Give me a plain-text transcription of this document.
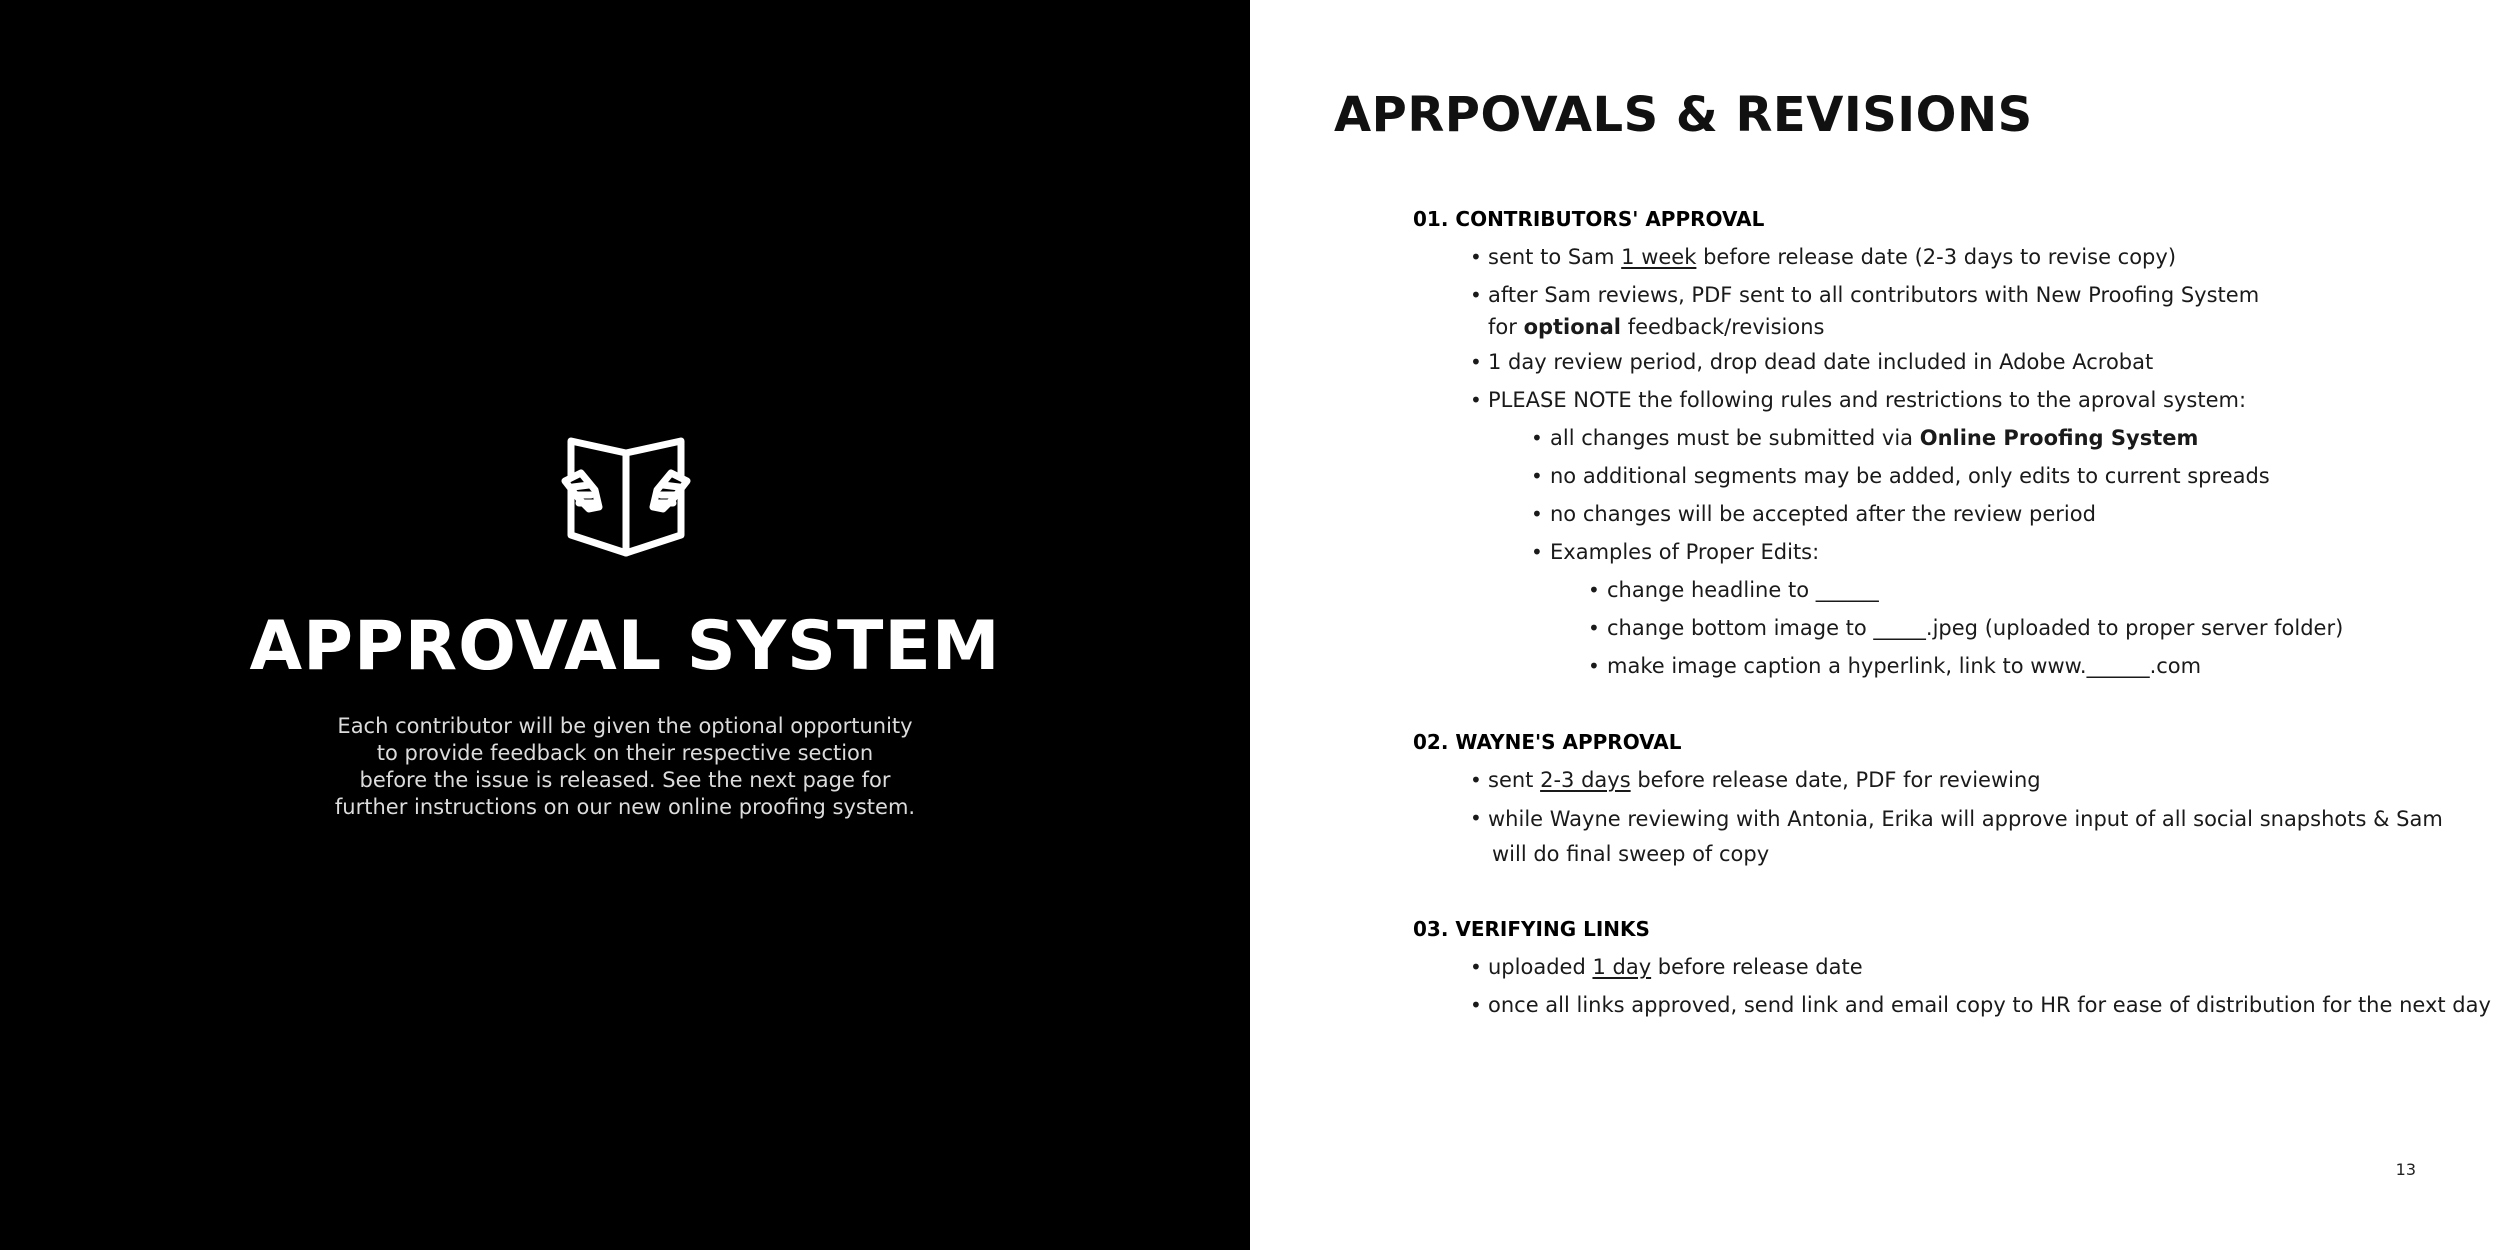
APPROVAL SYSTEM
Each contributor will be given the optional opportunity
to provide feedback on their respective section
before the issue is released. See the next page for
further instructions on our new online proofing system.
APRPOVALS & REVISIONS
01. CONTRIBUTORS' APPROVAL
• sent to Sam 1 week before release date (2-3 days to revise copy)
• after Sam reviews, PDF sent to all contributors with New Proofing System
for optional feedback/revisions
• 1 day review period, drop dead date included in Adobe Acrobat
• PLEASE NOTE the following rules and restrictions to the aproval system:
• all changes must be submitted via Online Proofing System
• no additional segments may be added, only edits to current spreads
• no changes will be accepted after the review period
• Examples of Proper Edits:
• change headline to ______
• change bottom image to _____.jpeg (uploaded to proper server folder)
• make image caption a hyperlink, link to www.______.com
02. WAYNE'S APPROVAL
• sent 2-3 days before release date, PDF for reviewing
• while Wayne reviewing with Antonia, Erika will approve input of all social snapshots & Sam
will do final sweep of copy
03. VERIFYING LINKS
• uploaded 1 day before release date
• once all links approved, send link and email copy to HR for ease of distribution for the next day
13
